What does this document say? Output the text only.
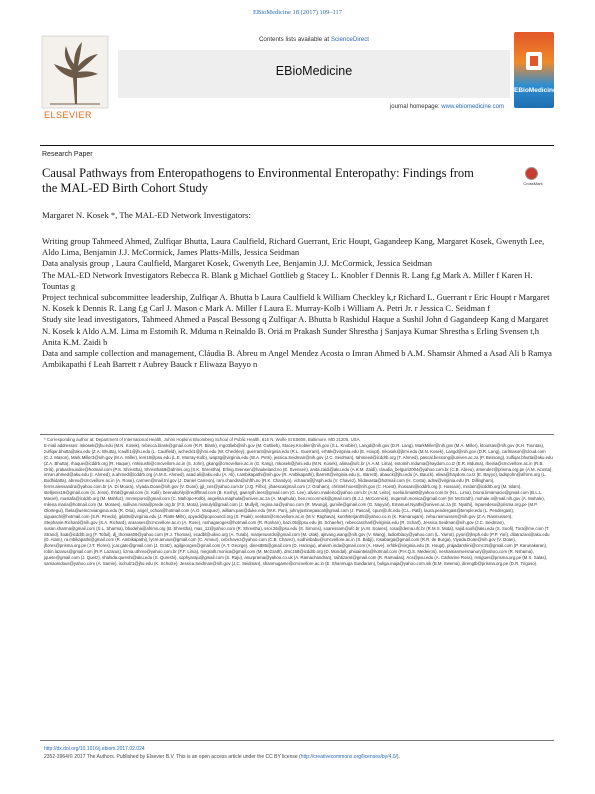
EBioMedicine 18 (2017) 109–117
ELSEVIER
Contents lists available at ScienceDirect
EBioMedicine
journal homepage: www.ebiomedicine.com
EBioMedicine
Research Paper
Causal Pathways from Enteropathogens to Environmental Enteropathy: Findings from the MAL-ED Birth Cohort Study	CrossMark
Margaret N. Kosek *, The MAL-ED Network Investigators:

Writing group Tahmeed Ahmed, Zulfiqar Bhutta, Laura Caulfield, Richard Guerrant, Eric Houpt, Gagandeep Kang, Margaret Kosek, Gwenyth Lee, Aldo Lima, Benjamin J.J. McCormick, James Platts-Mills, Jessica Seidman

Data analysis group , Laura Caulfield, Margaret Kosek, Gwenyth Lee, Benjamin J.J. McCormick, Jessica Seidman

The MAL-ED Network Investigators Rebecca R. Blank g Michael Gottlieb g Stacey L. Knobler f Dennis R. Lang f,g Mark A. Miller f Karen H. Tountas g

Project technical subcommittee leadership, Zulfiqar A. Bhutta b Laura Caulfield k William Checkley k,r Richard L. Guerrant r Eric Houpt r Margaret N. Kosek k Dennis R. Lang f,g Carl J. Mason c Mark A. Miller f Laura E. Murray-Kolb i William A. Petri Jr. r Jessica C. Seidman f

Study site lead investigators, Tahmeed Ahmed a Pascal Bessong q Zulfiqar A. Bhutta b Rashidul Haque a Sushil John d Gagandeep Kang d Margaret N. Kosek k Aldo A.M. Lima m Estomih R. Mduma n Reinaldo B. Oriá m Prakash Sunder Shrestha j Sanjaya Kumar Shrestha s Erling Svensen t,h Anita K.M. Zaidi b

Data and sample collection and management, Cláudia B. Abreu m Angel Mendez Acosta o Imran Ahmed b A.M. Shamsir Ahmed a Asad Ali b Ramya Ambikapathi f Leah Barrett r Aubrey Bauck r Eliwaza Bayyo n

* Corresponding author at: Department of International Health, Johns Hopkins Bloomberg School of Public Health, 615 N. Wolfe St E5608, Baltimore, MD 21205, USA.
E-mail addresses: mkosek@jhu.edu (M.N. Kosek), rebecca.blank@gmail.com (R.R. Blank), mgottlieb@nih.gov (M. Gottlieb), Stacey.Knobler@nih.gov (S.L. Knobler), Langd@nih.gov (D.R. Lang), MarkMiller@nih.gov (M.A. Miller), ktountas@nih.gov (K.H. Tountas), zulfiqar.bhutta@aku.edu (Z.A. Bhutta), lcaulfi1@jhu.edu (L. Caulfield), wcheckl1@jhmi.edu (W. Checkley), guerrant@virginia.edu (R.L. Guerrant), erh6k@virginia.edu (E. Houpt), mkosek@jhmi.edu (M.N. Kosek), Langd@nih.gov (D.R. Lang), carlmason@cloud.com (C.J. Mason), Mark.Miller3@nih.gov (M.A. Miller), lem18@psu.edu (L.E. Murray-Kolb), wap3g@virginia.edu (W.A. Petri), jessica.Seidman@nih.gov (J.C. Seidman), tahmeed@icddrb.org (T. Ahmed), pascal.bessong@univen.ac.za (P. Bessong), zulfiqar.bhutta@aku.edu (Z.A. Bhutta), rhaque@icddrb.org (R. Haque), rinkisushi@cmcvellore.ac.in (S. John), gkang@cmcvellore.ac.in (G. Kang), mkosek@jhmi.edu (M.N. Kosek), alima@ufc.br (A.A.M. Lima), estomih.mduma@haydom.co.tz (E.R. Mduma), rbeiria@cmcvellore.ac.in (R.B. Oriá), prakashsunder@hotmail.com (P.S. Shrestha), Shrestha59@afrims.org (S.K. Shrestha), Erling.Svensen@haukeland.no (E. Svensen), anita.zaidi@aku.edu (A.K.M. Zaidi), claudia_belguiri2004@yahoo.com.br (C.B. Abreu), amendez@prisma.org.pe (A.M. Acosta), imran.ahmed@aku.edu (I. Ahmed), a.ahmed@icddrb.org (A.M.S. Ahmed), asad.ali@aku.edu (A. Ali), r.ambikapathi@nih.gov (R. Ambikapathi), lbarrett@virginia.edu (L. Barrett), abauck@jhu.edu (A. Bauck), eliwa@haydom.co.tz (E. Bayyo), ladspohn@afrims.org (L. Bodhidatta), abreu@cmcvellore.ac.in (A. Rose), carmen@mail.tnl.gov (J. Daniel Carreon), ram.chandra@uhfth.no (R.K. Chandyo), vchaura@jhsph.edu (V. Chavez), hildavasta@hotmail.com (H. Costa), adrw@virginia.edu (R. Dillingham), ferrer.alessandra@yahoo.com.br (A. Di Moura), Viyada.Doan@nih.gov (V. Doan), jgl_ces@yahoo.com.br (J.Q. Filho), jihaescalgmail.com (J. Graham), christel.hoest@nih.gov (C. Hoest), ihossain@icddrb.org (I. Hossain), mislam@icddrb.org (M. Islam), stelljenis19@gmail.com (S. Jenis), thhd@gmail.com (S. Kalil), beenakohly@rediffmail.com (B. Koshy), gwenyth.lees@gmail.com (G. Lee), alvaro.madeiro@yahoo.com.br (A.M. Leite), noelia.lima80@yahoo.com.br (N.L. Lima), bruna.limamacie@gmail.com (B.L.L. Maciel), mustafa@icddrb.org (M. Mahfuz), mnmnpore@gmail.com (C. Mahopo-Kolb), angelina.maphula@univen.ac.za (A. Maphula), ben.mccormick@gmail.com (B.J.J. McCormick), mqantoh.monica@gmail.com (M. McGrath), mohale.n@mail.nih.gov (A. Mohale), milena.maria@hotmail.com (M. Moraes), sullivan.mota@prede.org.br (F.S. Mota), jamulyl@gmail.com (J. Mullyil), regina.na@yahoo.com (R. Mvungi), gurvile@gmail.com (G. Nayyar), Emanuel.Nyathi@univen.ac.za (E. Nyathi), mparedeso@prisma.org.pe (M.P. Olortegui), fbela@uemcnvianginia.edu (R. Oria), angel_ochoa@hotmail.com (A.O. Vasquez), william.pan@duke.edu (W.K. Pan), johnyjustinepascal@gmail.com (J. Pascal), cpun@ufc.edu (C.L. Patil), laura.pendergast@temple.edu (L. Pendergast), siguaschi@hotmail.com (S.R. Pinedo), jplatts@virginia.edu (J. Platts-Mills), spyadi@popcouncil.org (S. Psaki), venkatr@cmcvellore.ac.in (M.V. Raghava), kunthiterjan05@yahoo.co.in (K. Ramanujam), zeba.rasmussen@nih.gov (Z.A. Rasmussen), Stephanie.Richard@nih.gov (S.A. Richard), arasoses@cmcvellore.ac.in (A. Rose), roshagaroges@hotmail.com (R. Roshan), bazi.05@psu.edu (B. Schaefer), rebeccascharf@virginia.edu (R. Scharf), Jessica.Seidman@nih.gov (J.C. Seidman), susan.sharma@gmail.com (S.L. Sharma), bbodeha@afrims.org (B. Shrestha), mas_12@yahoo.com (R. Shrestha), ssoi.26@psu.edu (S. Simons), soaressam@ufc.br (A.M. Soares), rosa@dema.ufc.br (R.M.S. Mota), sajid.soofi@aku.edu (S. Soofi), Tora@me.com (T. Strand), ltoal@icddrb.org (F. Tofail), dj_thomas09@yahoo.com (R.J. Thomas), ecadbl@uikvo.org (A. Turab), manjeswords@gmail.com (M. Ulak), ajitvang.wang@nih.gov (V. Wang), ladiorblacy@yahoo.com (L. Yarrot), pyori@jhsph.edu (P.P. Yori), dilatrazani@aku.edu (D. Alam), ra.mbikapathi@gmail.com (R. Ambikapathi), lycre.amous@gmail.com (C. Amour), cebchavez@yahoo.com (C.B. Chavez), sodhinbabu@cmcvellore.ac.in (S. Babji), rosabarga@gmail.com (R.R. de Burga), Viyada.Doan@nih.gov (V. Doan), jflores@prisma.org.pe (J.T. Flores), jcar.gate@gmail.com (J. Gratz), agilgeorges@gmail.com (A.T. George), dines885@gmail.com (D. Hariraju), ahavsh.inda@gmail.com (A. Have), erhbk@virginia.edu (E. Houpt), prajadarshini@cmc15@gmail.com (P. Karunakaran), robin.lazarus@gmail.com (R.P. Lazarus), lizma.uthrvo@yahoo.com.br (F.F. Lima), megrath.monica@gmail.com (M. McGrath), dmc168@icddrb.org (D. Mondal), phiuaintela@hotmail.com (P.H.Q.S. Medeiros), neshamanrsersnanury@yahoo.com (R. Nshama), jquete@gmail.com (J. Quetz), shahida.qureshi@aku.edu (S. Qureshi), sophyaraju@gmail.com (S. Raju), anurprama@yahoo.co.uk (A. Ramachandran), raihtizamt@gmail.com (R. Ramadas), Acs@psu.edu (A. Catharine Ross), msigues@prisma.org.pe (M.S. Salas), samaonidous@yahoo.com (A. Samie), ischulz1@jhu.edu (K. Schulze), Jessica.Seidman@nih.gov (J.C. Seidman), shanmugame@cmcvellore.ac.in (E. Shanmuga Sundaram), buliga.maja@yahoo.com.sik (B.M. Swema), direngtb@prisma.org.pe (D.R. Trigoso).
http://dx.doi.org/10.1016/j.ebiom.2017.02.024
2352-3964/© 2017 The Authors. Published by Elsevier B.V. This is an open access article under the CC BY license (http://creativecommons.org/licenses/by/4.0/).
